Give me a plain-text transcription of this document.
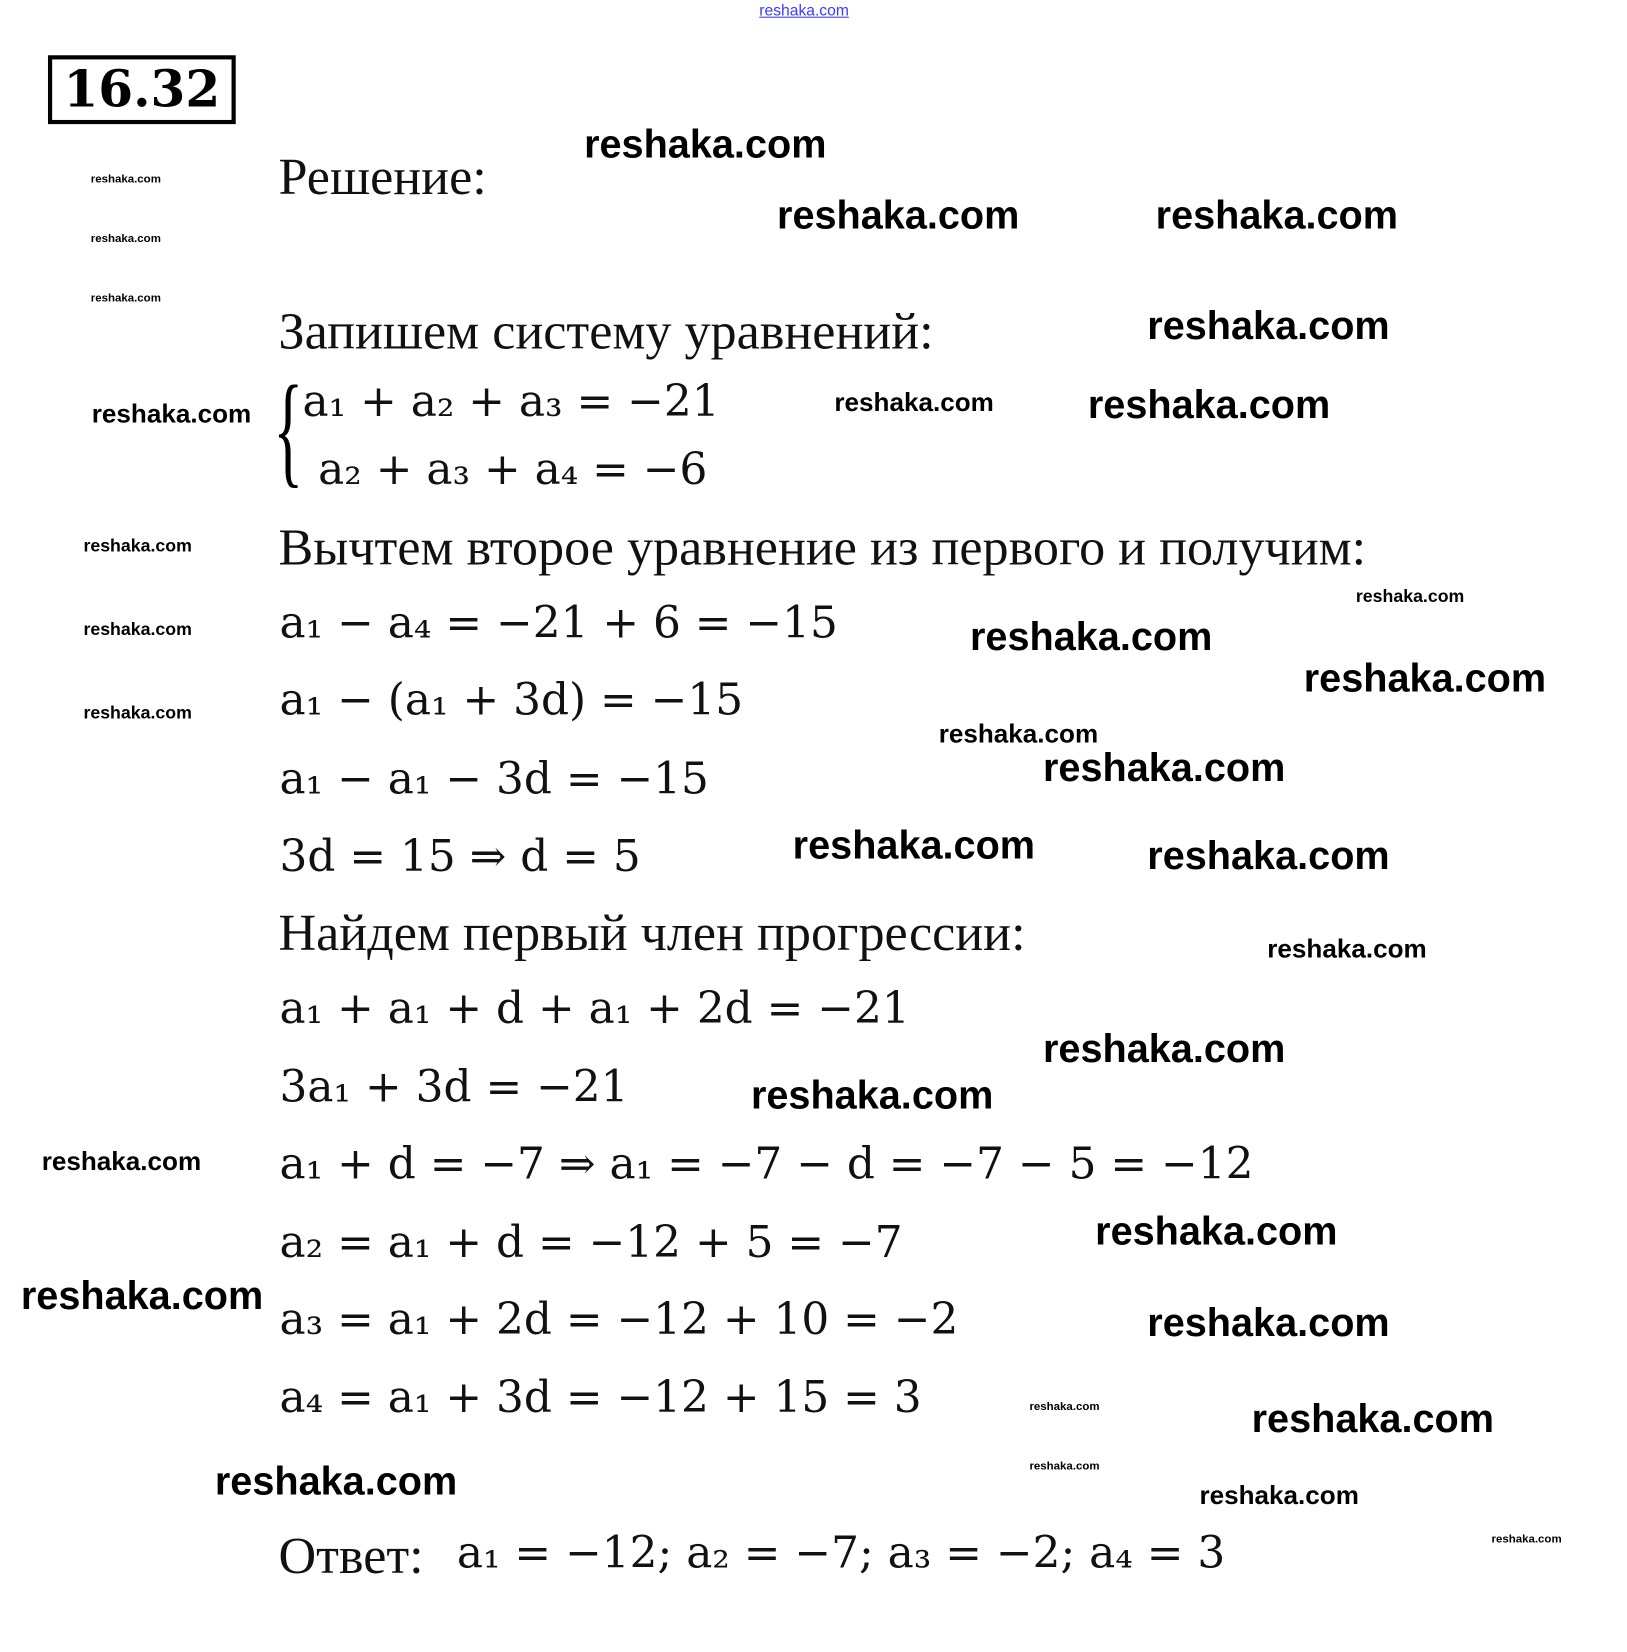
reshaka.com
16.32
Решение:
Запишем систему уравнений:
{ a₁ + a₂ + a₃ = −21
a₂ + a₃ + a₄ = −6
Вычтем второе уравнение из первого и получим:
a₁ − a₄ = −21 + 6 = −15
a₁ − (a₁ + 3d) = −15
a₁ − a₁ − 3d = −15
3d = 15 ⇒ d = 5
Найдем первый член прогрессии:
a₁ + a₁ + d + a₁ + 2d = −21
3a₁ + 3d = −21
a₁ + d = −7 ⇒ a₁ = −7 − d = −7 − 5 = −12
a₂ = a₁ + d = −12 + 5 = −7
a₃ = a₁ + 2d = −12 + 10 = −2
a₄ = a₁ + 3d = −12 + 15 = 3
Ответ: a₁ = −12; a₂ = −7; a₃ = −2; a₄ = 3
reshaka.com
reshaka.com	reshaka.com
reshaka.com
reshaka.com
reshaka.com
reshaka.com
reshaka.com
reshaka.com	reshaka.com
reshaka.com
reshaka.com
reshaka.com
reshaka.com
reshaka.com
reshaka.com
reshaka.com
reshaka.com	reshaka.com
reshaka.com
reshaka.com
reshaka.com
reshaka.com
reshaka.com
reshaka.com
reshaka.com
reshaka.com
reshaka.com
reshaka.com
reshaka.com
reshaka.com
reshaka.com
reshaka.com
